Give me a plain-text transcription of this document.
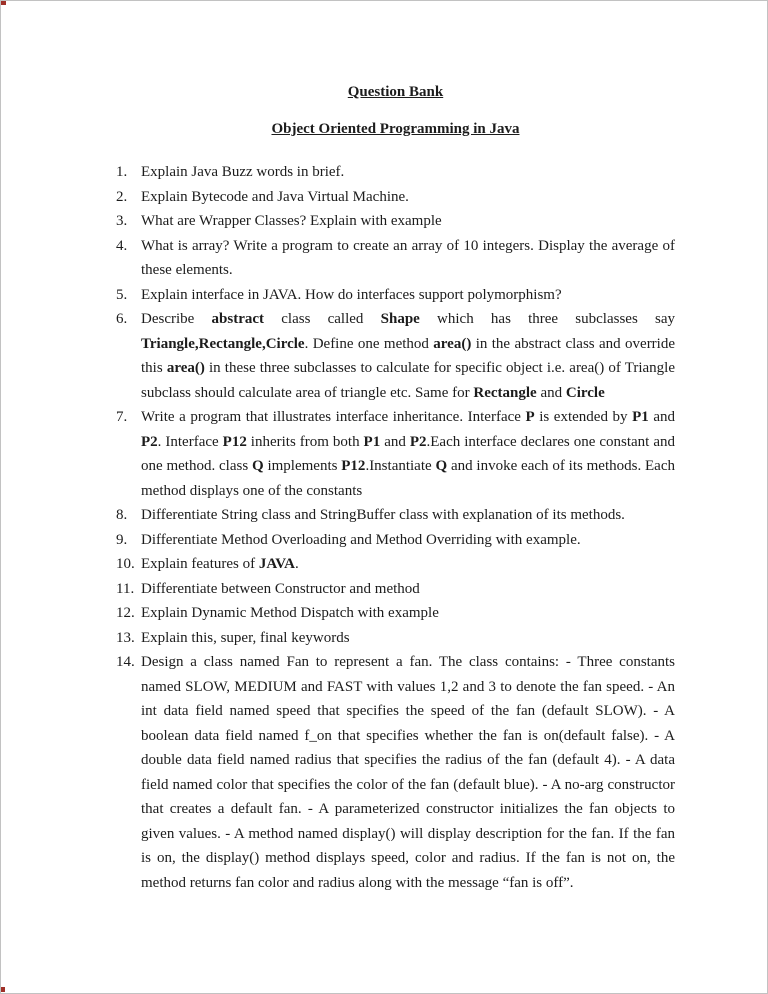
Question Bank
Object Oriented Programming in Java
1. Explain Java Buzz words in brief.
2. Explain Bytecode and Java Virtual Machine.
3. What are Wrapper Classes? Explain with example
4. What is array? Write a program to create an array of 10 integers. Display the average of these elements.
5. Explain interface in JAVA. How do interfaces support polymorphism?
6. Describe abstract class called Shape which has three subclasses say Triangle,Rectangle,Circle. Define one method area() in the abstract class and override this area() in these three subclasses to calculate for specific object i.e. area() of Triangle subclass should calculate area of triangle etc. Same for Rectangle and Circle
7. Write a program that illustrates interface inheritance. Interface P is extended by P1 and P2. Interface P12 inherits from both P1 and P2.Each interface declares one constant and one method. class Q implements P12.Instantiate Q and invoke each of its methods. Each method displays one of the constants
8. Differentiate String class and StringBuffer class with explanation of its methods.
9. Differentiate Method Overloading and Method Overriding with example.
10. Explain features of JAVA.
11. Differentiate between Constructor and method
12. Explain Dynamic Method Dispatch with example
13. Explain this, super, final keywords
14. Design a class named Fan to represent a fan. The class contains: - Three constants named SLOW, MEDIUM and FAST with values 1,2 and 3 to denote the fan speed. - An int data field named speed that specifies the speed of the fan (default SLOW). - A boolean data field named f_on that specifies whether the fan is on(default false). - A double data field named radius that specifies the radius of the fan (default 4). - A data field named color that specifies the color of the fan (default blue). - A no-arg constructor that creates a default fan. - A parameterized constructor initializes the fan objects to given values. - A method named display() will display description for the fan. If the fan is on, the display() method displays speed, color and radius. If the fan is not on, the method returns fan color and radius along with the message “fan is off”.
